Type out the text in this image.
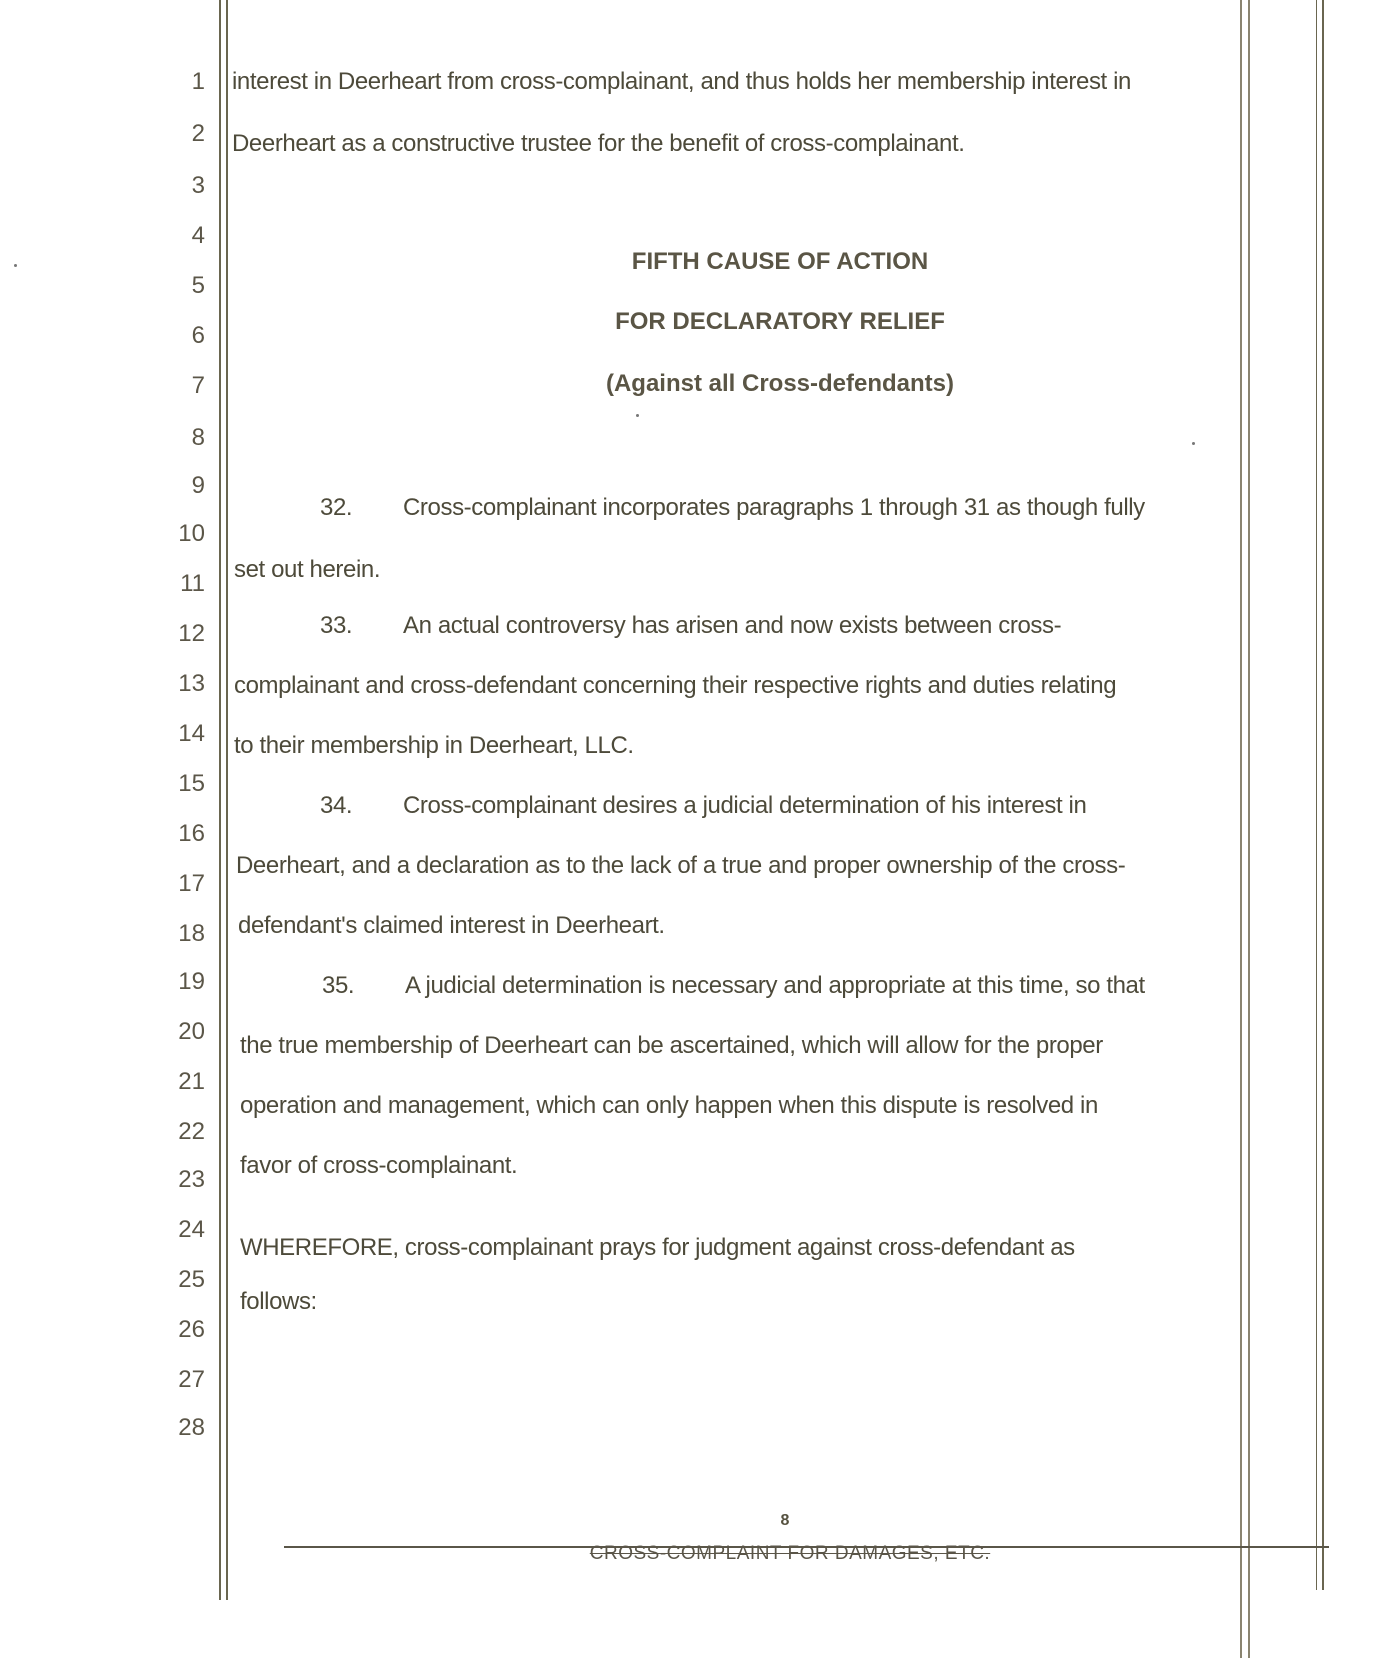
1
2
3
4
5
6
7
8
9
10
11
12
13
14
15
16
17
18
19
20
21
22
23
24
25
26
27
28
interest in Deerheart from cross-complainant, and thus holds her membership interest in
Deerheart as a constructive trustee for the benefit of cross-complainant.
FIFTH CAUSE OF ACTION
FOR DECLARATORY RELIEF
(Against all Cross-defendants)
32. Cross-complainant incorporates paragraphs 1 through 31 as though fully
set out herein.
33. An actual controversy has arisen and now exists between cross-
complainant and cross-defendant concerning their respective rights and duties relating
to their membership in Deerheart, LLC.
34. Cross-complainant desires a judicial determination of his interest in
Deerheart, and a declaration as to the lack of a true and proper ownership of the cross-
defendant's claimed interest in Deerheart.
35. A judicial determination is necessary and appropriate at this time, so that
the true membership of Deerheart can be ascertained, which will allow for the proper
operation and management, which can only happen when this dispute is resolved in
favor of cross-complainant.
WHEREFORE, cross-complainant prays for judgment against cross-defendant as
follows:
8
CROSS-COMPLAINT FOR DAMAGES, ETC.
